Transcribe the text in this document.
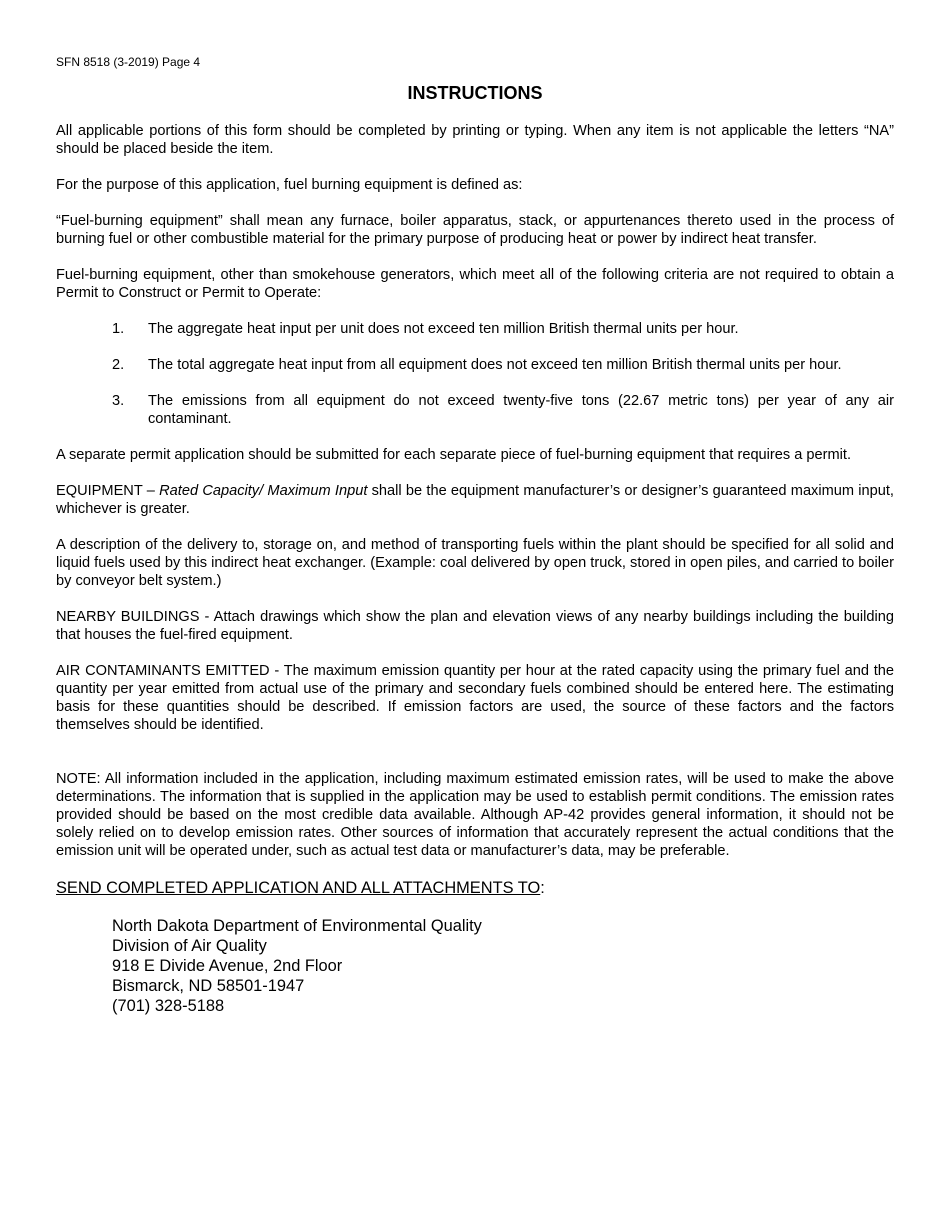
SFN 8518 (3-2019) Page 4
INSTRUCTIONS

All applicable portions of this form should be completed by printing or typing. When any item is not applicable the letters “NA” should be placed beside the item.

For the purpose of this application, fuel burning equipment is defined as:

“Fuel-burning equipment” shall mean any furnace, boiler apparatus, stack, or appurtenances thereto used in the process of burning fuel or other combustible material for the primary purpose of producing heat or power by indirect heat transfer.

Fuel-burning equipment, other than smokehouse generators, which meet all of the following criteria are not required to obtain a Permit to Construct or Permit to Operate:

1.	The aggregate heat input per unit does not exceed ten million British thermal units per hour.
2.	The total aggregate heat input from all equipment does not exceed ten million British thermal units per hour.
3.	The emissions from all equipment do not exceed twenty-five tons (22.67 metric tons) per year of any air contaminant.

A separate permit application should be submitted for each separate piece of fuel-burning equipment that requires a permit.

EQUIPMENT – Rated Capacity/ Maximum Input shall be the equipment manufacturer’s or designer’s guaranteed maximum input, whichever is greater.

A description of the delivery to, storage on, and method of transporting fuels within the plant should be specified for all solid and liquid fuels used by this indirect heat exchanger. (Example: coal delivered by open truck, stored in open piles, and carried to boiler by conveyor belt system.)

NEARBY BUILDINGS - Attach drawings which show the plan and elevation views of any nearby buildings including the building that houses the fuel-fired equipment.

AIR CONTAMINANTS EMITTED - The maximum emission quantity per hour at the rated capacity using the primary fuel and the quantity per year emitted from actual use of the primary and secondary fuels combined should be entered here. The estimating basis for these quantities should be described. If emission factors are used, the source of these factors and the factors themselves should be identified.

NOTE: All information included in the application, including maximum estimated emission rates, will be used to make the above determinations. The information that is supplied in the application may be used to establish permit conditions. The emission rates provided should be based on the most credible data available. Although AP-42 provides general information, it should not be solely relied on to develop emission rates. Other sources of information that accurately represent the actual conditions that the emission unit will be operated under, such as actual test data or manufacturer’s data, may be preferable.

SEND COMPLETED APPLICATION AND ALL ATTACHMENTS TO:
North Dakota Department of Environmental Quality
Division of Air Quality
918 E Divide Avenue, 2nd Floor
Bismarck, ND 58501-1947
(701) 328-5188
